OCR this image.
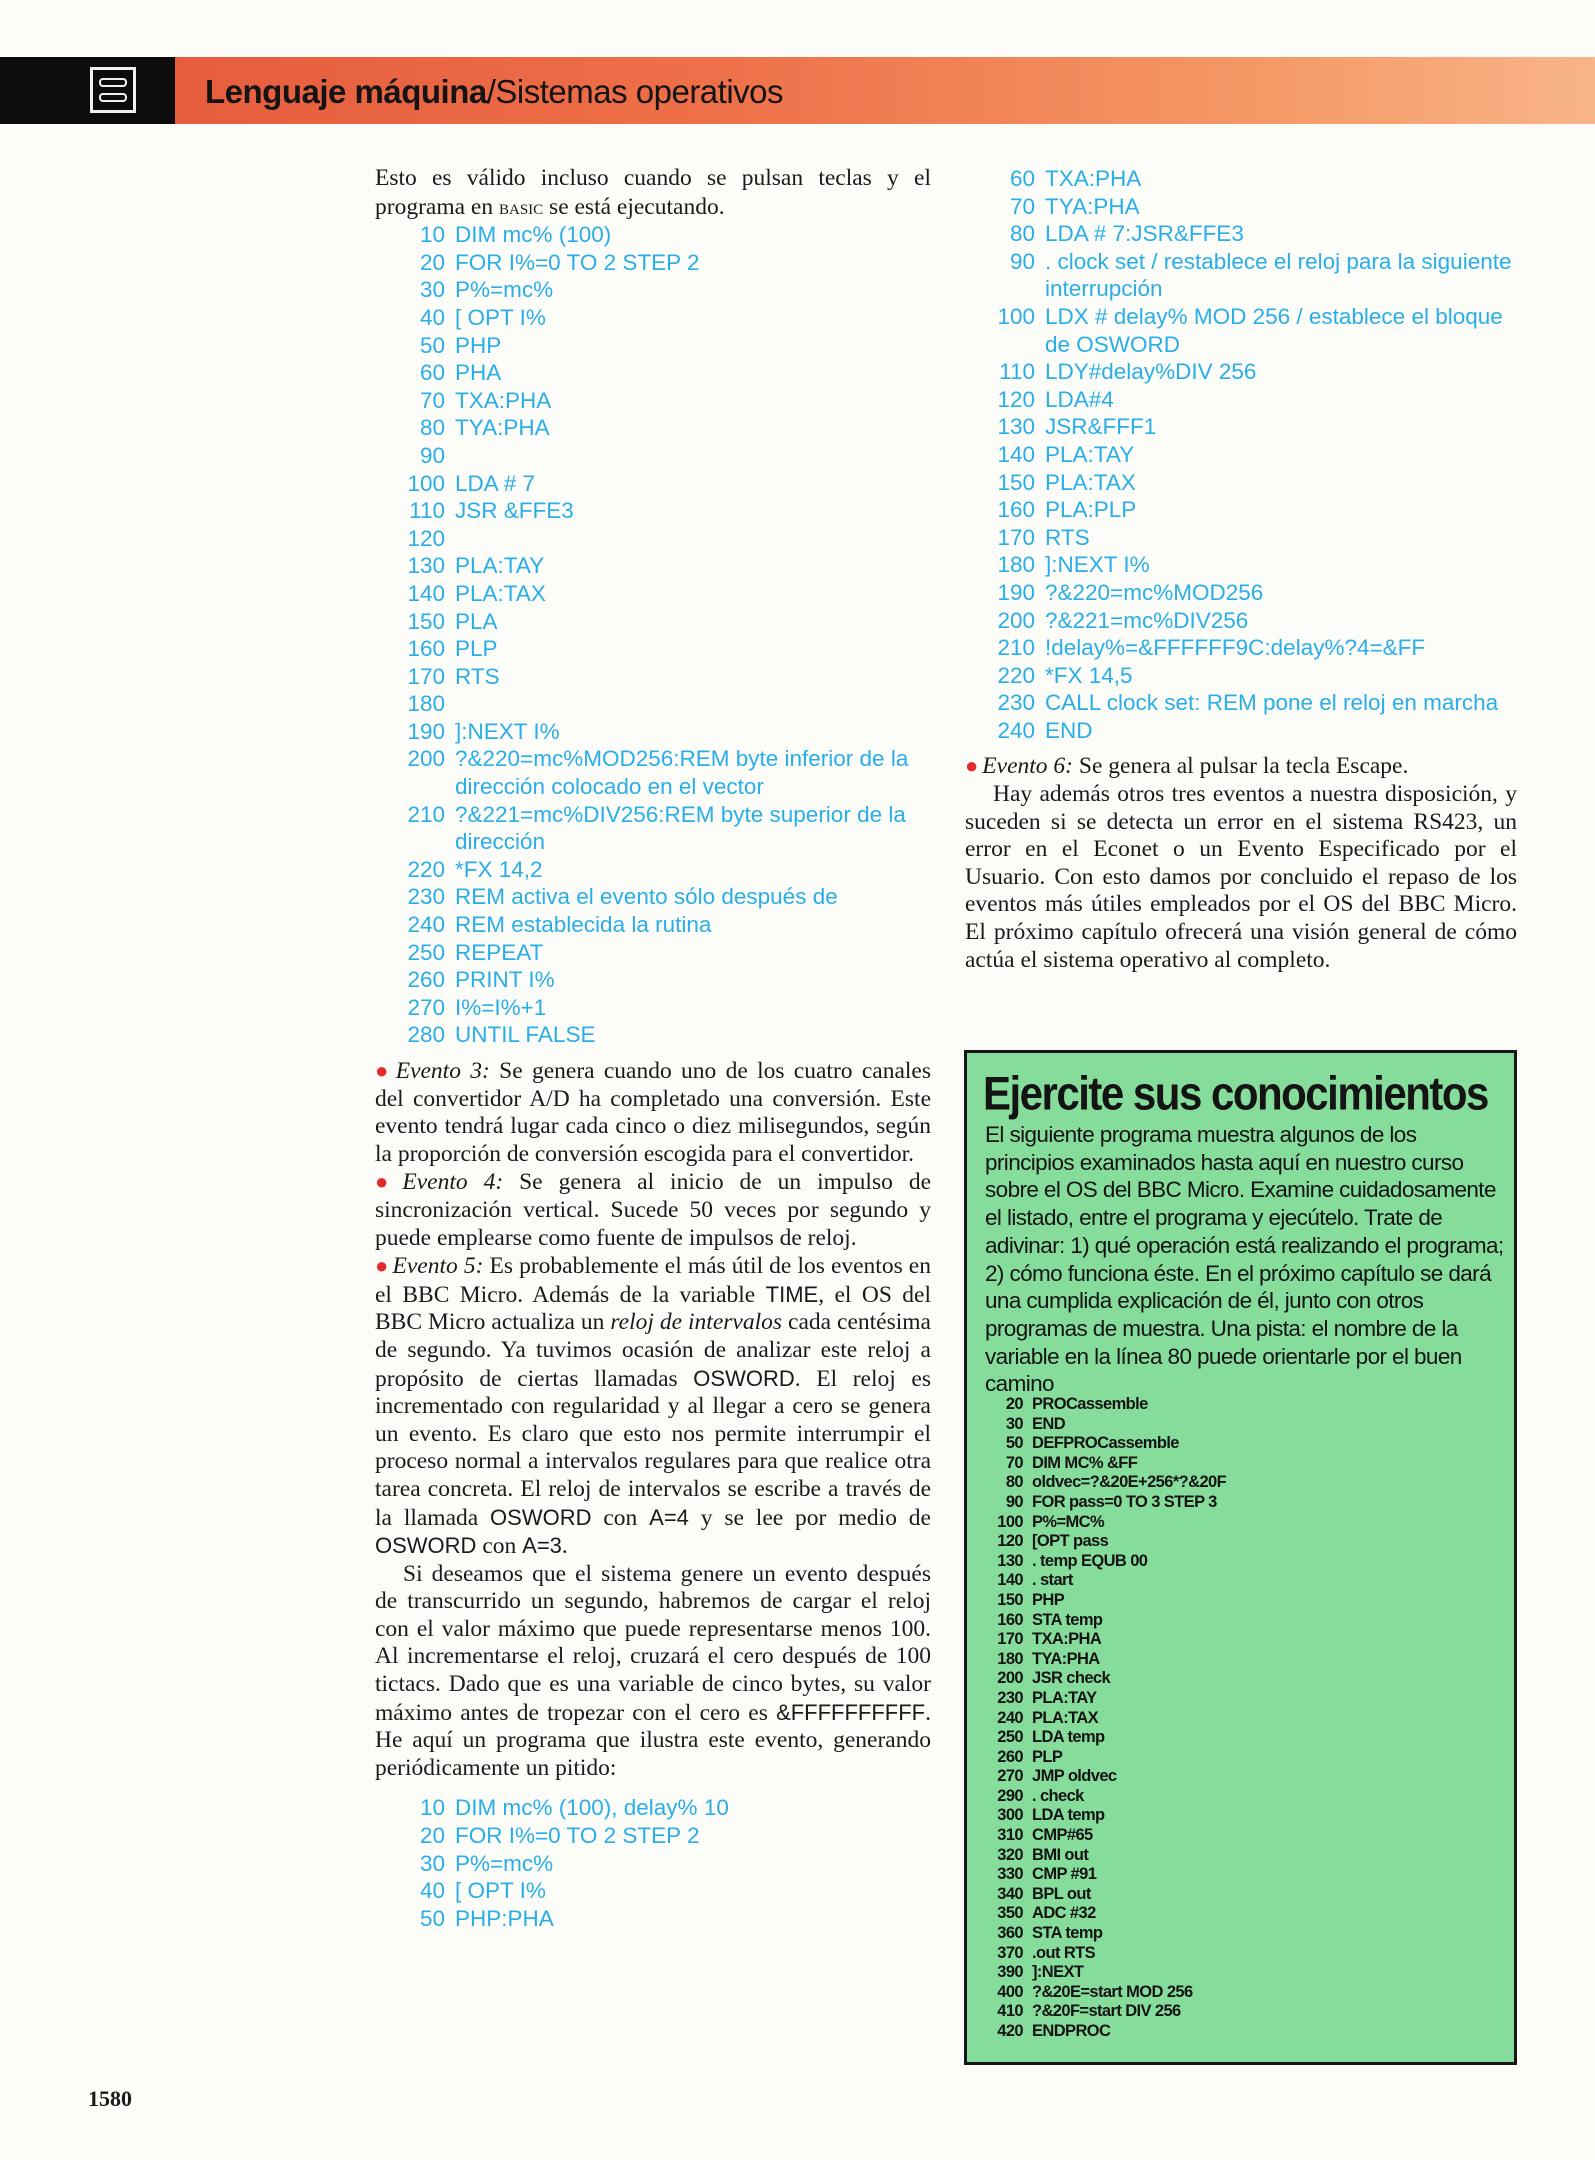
Lenguaje máquina/Sistemas operativos

Esto es válido incluso cuando se pulsan teclas y el programa en basic se está ejecutando.

10 DIM mc% (100)
20 FOR I%=0 TO 2 STEP 2
30 P%=mc%
40 [ OPT I%
50 PHP
60 PHA
70 TXA:PHA
80 TYA:PHA
90
100 LDA # 7
110 JSR &FFE3
120
130 PLA:TAY
140 PLA:TAX
150 PLA
160 PLP
170 RTS
180
190 ]:NEXT I%
200 ?&220=mc%MOD256:REM byte inferior de la dirección colocado en el vector
210 ?&221=mc%DIV256:REM byte superior de la dirección
220 *FX 14,2
230 REM activa el evento sólo después de
240 REM establecida la rutina
250 REPEAT
260 PRINT I%
270 I%=I%+1
280 UNTIL FALSE

● Evento 3: Se genera cuando uno de los cuatro canales del convertidor A/D ha completado una conversión. Este evento tendrá lugar cada cinco o diez milisegundos, según la proporción de conversión escogida para el convertidor.

● Evento 4: Se genera al inicio de un impulso de sincronización vertical. Sucede 50 veces por segundo y puede emplearse como fuente de impulsos de reloj.

● Evento 5: Es probablemente el más útil de los eventos en el BBC Micro. Además de la variable TIME, el OS del BBC Micro actualiza un reloj de intervalos cada centésima de segundo. Ya tuvimos ocasión de analizar este reloj a propósito de ciertas llamadas OSWORD. El reloj es incrementado con regularidad y al llegar a cero se genera un evento. Es claro que esto nos permite interrumpir el proceso normal a intervalos regulares para que realice otra tarea concreta. El reloj de intervalos se escribe a través de la llamada OSWORD con A=4 y se lee por medio de OSWORD con A=3.

Si deseamos que el sistema genere un evento después de transcurrido un segundo, habremos de cargar el reloj con el valor máximo que puede representarse menos 100. Al incrementarse el reloj, cruzará el cero después de 100 tictacs. Dado que es una variable de cinco bytes, su valor máximo antes de tropezar con el cero es &FFFFFFFFFF. He aquí un programa que ilustra este evento, generando periódicamente un pitido:

10 DIM mc% (100), delay% 10
20 FOR I%=0 TO 2 STEP 2
30 P%=mc%
40 [ OPT I%
50 PHP:PHA
60 TXA:PHA
70 TYA:PHA
80 LDA # 7:JSR&FFE3
90 . clock set / restablece el reloj para la siguiente interrupción
100 LDX # delay% MOD 256 / establece el bloque de OSWORD
110 LDY#delay%DIV 256
120 LDA#4
130 JSR&FFF1
140 PLA:TAY
150 PLA:TAX
160 PLA:PLP
170 RTS
180 ]:NEXT I%
190 ?&220=mc%MOD256
200 ?&221=mc%DIV256
210 !delay%=&FFFFFF9C:delay%?4=&FF
220 *FX 14,5
230 CALL clock set: REM pone el reloj en marcha
240 END

● Evento 6: Se genera al pulsar la tecla Escape.

Hay además otros tres eventos a nuestra disposición, y suceden si se detecta un error en el sistema RS423, un error en el Econet o un Evento Especificado por el Usuario. Con esto damos por concluido el repaso de los eventos más útiles empleados por el OS del BBC Micro. El próximo capítulo ofrecerá una visión general de cómo actúa el sistema operativo al completo.

Ejercite sus conocimientos

El siguiente programa muestra algunos de los principios examinados hasta aquí en nuestro curso sobre el OS del BBC Micro. Examine cuidadosamente el listado, entre el programa y ejecútelo. Trate de adivinar: 1) qué operación está realizando el programa; 2) cómo funciona éste. En el próximo capítulo se dará una cumplida explicación de él, junto con otros programas de muestra. Una pista: el nombre de la variable en la línea 80 puede orientarle por el buen camino

20 PROCassemble
30 END
50 DEFPROCassemble
70 DIM MC% &FF
80 oldvec=?&20E+256*?&20F
90 FOR pass=0 TO 3 STEP 3
100 P%=MC%
120 [OPT pass
130 . temp EQUB 00
140 . start
150 PHP
160 STA temp
170 TXA:PHA
180 TYA:PHA
200 JSR check
230 PLA:TAY
240 PLA:TAX
250 LDA temp
260 PLP
270 JMP oldvec
290 . check
300 LDA temp
310 CMP#65
320 BMI out
330 CMP #91
340 BPL out
350 ADC #32
360 STA temp
370 .out RTS
390 ]:NEXT
400 ?&20E=start MOD 256
410 ?&20F=start DIV 256
420 ENDPROC
1580
